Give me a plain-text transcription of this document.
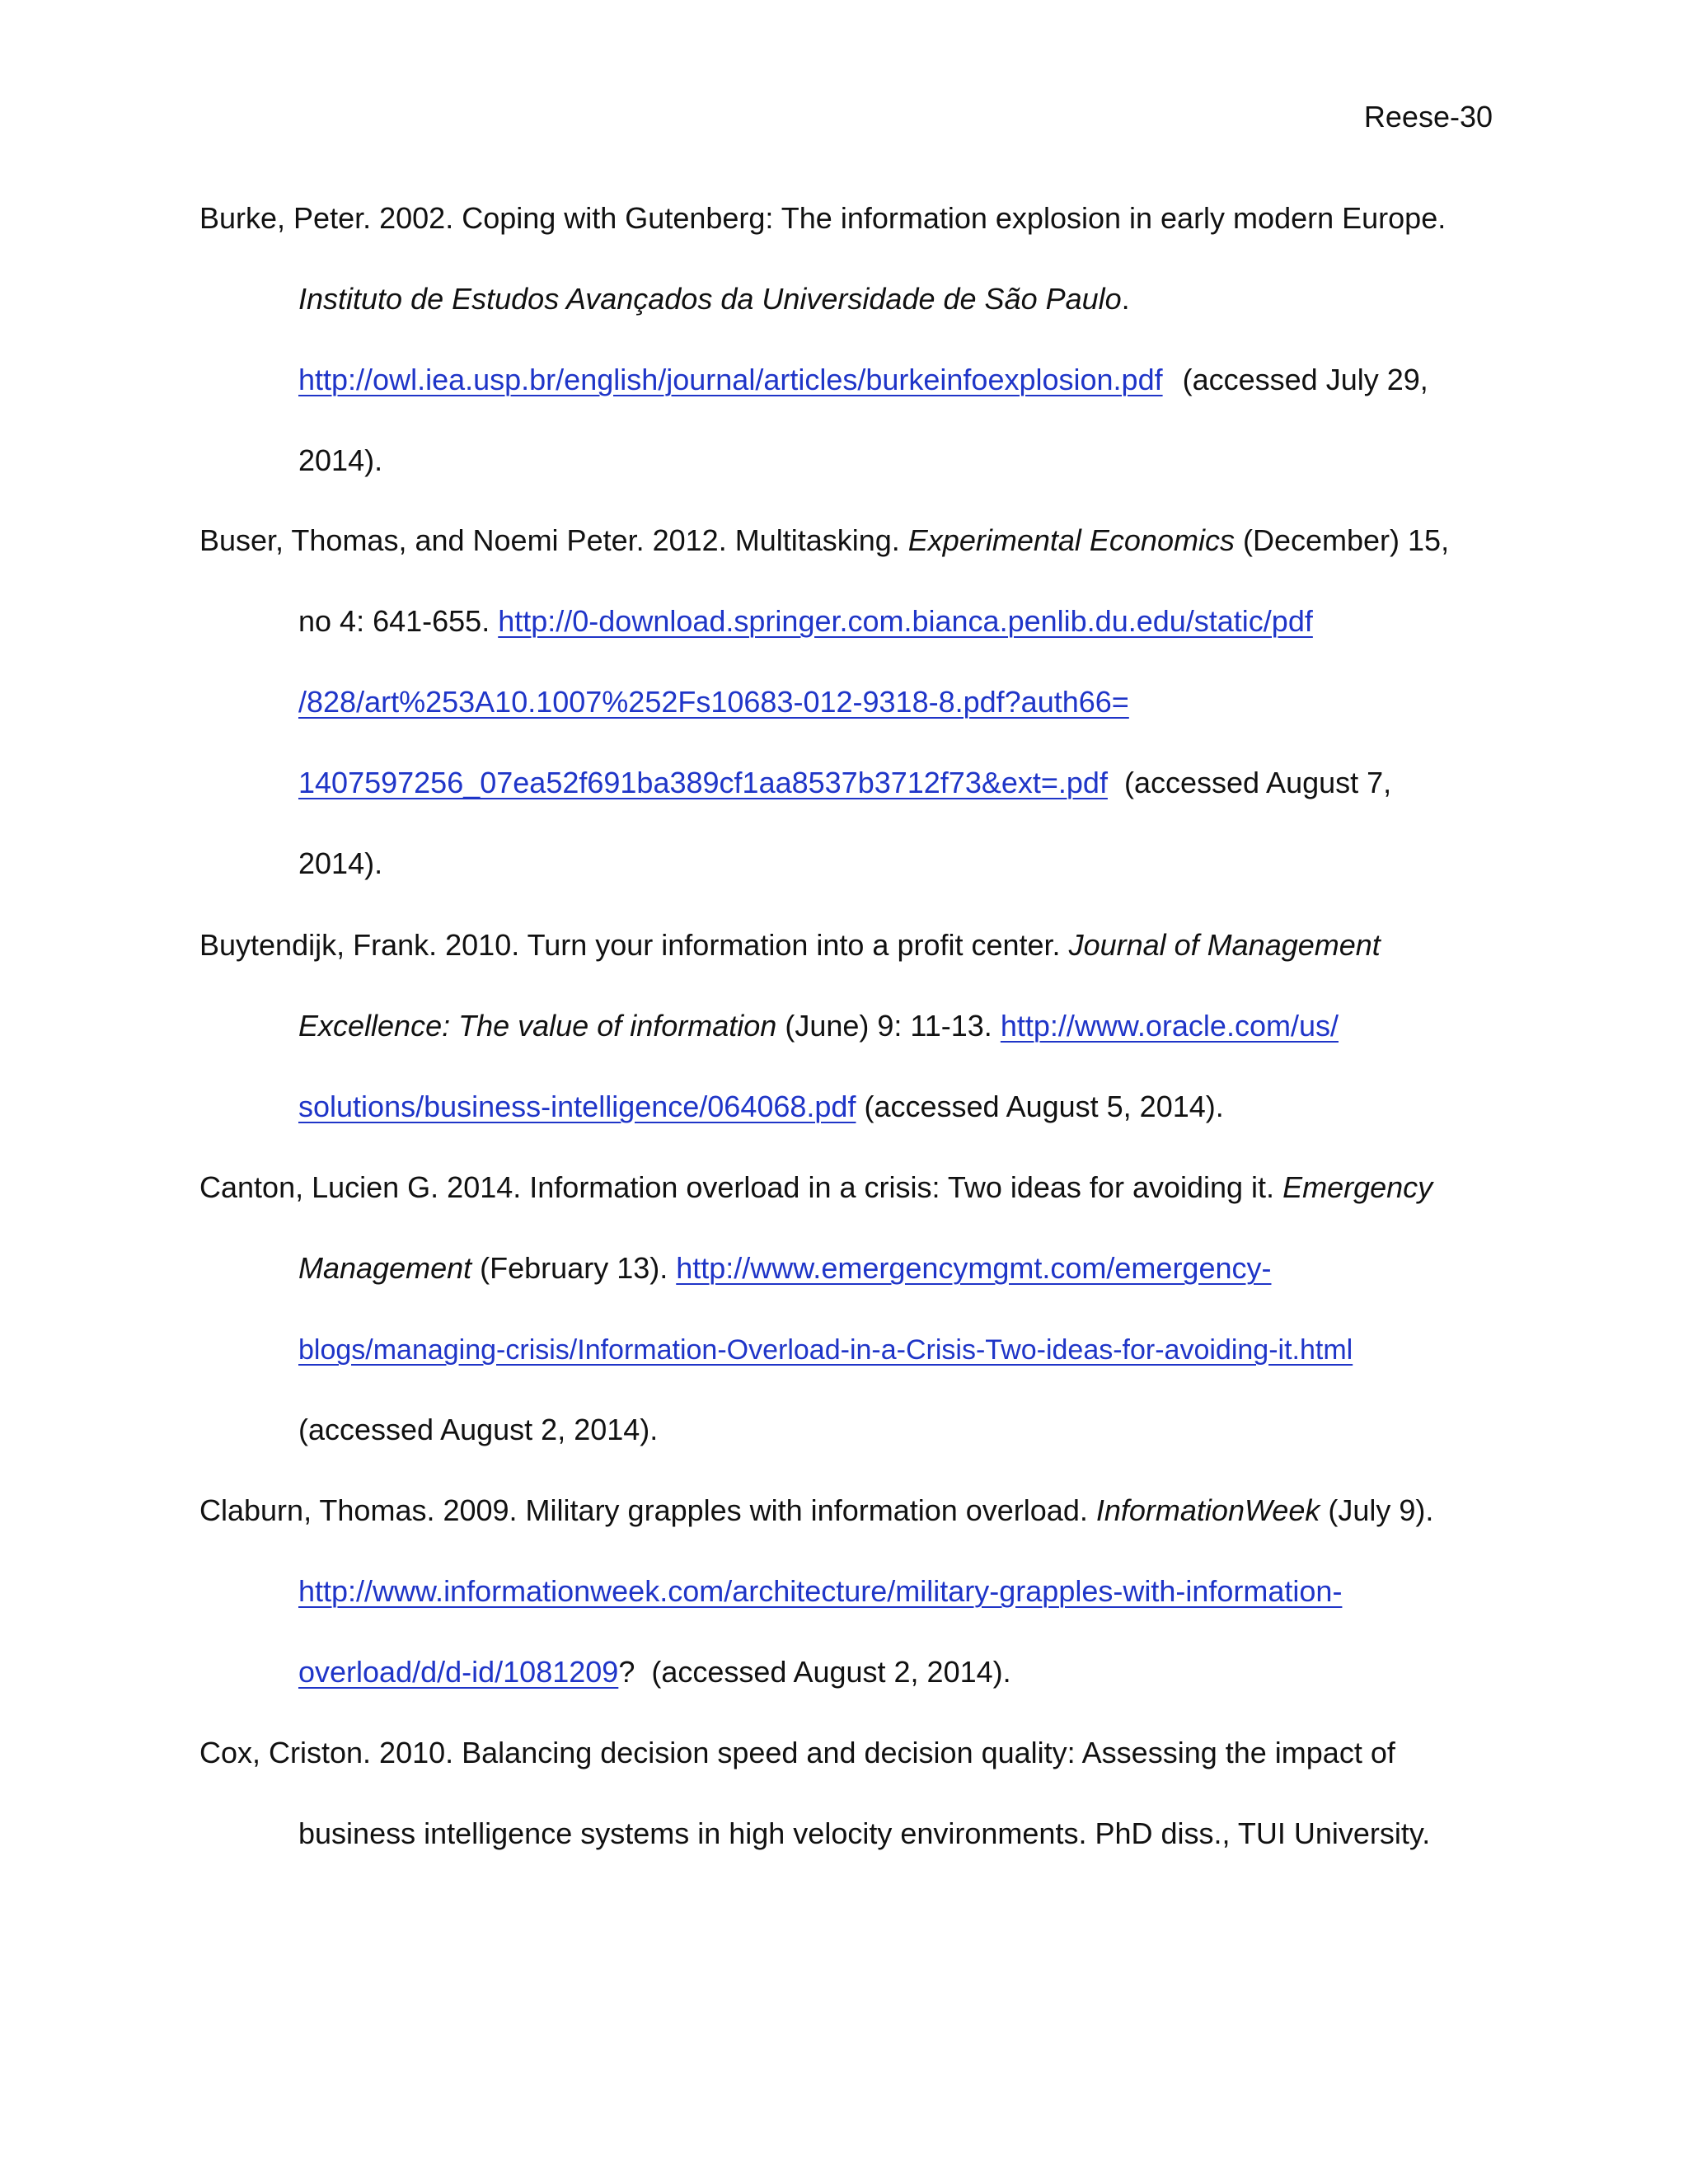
Reese-30
Burke, Peter. 2002. Coping with Gutenberg: The information explosion in early modern Europe.
Instituto de Estudos Avançados da Universidade de São Paulo.
http://owl.iea.usp.br/english/journal/articles/burkeinfoexplosion.pdf (accessed July 29,
2014).
Buser, Thomas, and Noemi Peter. 2012. Multitasking. Experimental Economics (December) 15,
no 4: 641-655. http://0-download.springer.com.bianca.penlib.du.edu/static/pdf
/828/art%253A10.1007%252Fs10683-012-9318-8.pdf?auth66=
1407597256_07ea52f691ba389cf1aa8537b3712f73&ext=.pdf (accessed August 7,
2014).
Buytendijk, Frank. 2010. Turn your information into a profit center. Journal of Management
Excellence: The value of information (June) 9: 11-13. http://www.oracle.com/us/
solutions/business-intelligence/064068.pdf (accessed August 5, 2014).
Canton, Lucien G. 2014. Information overload in a crisis: Two ideas for avoiding it. Emergency
Management (February 13). http://www.emergencymgmt.com/emergency-
blogs/managing-crisis/Information-Overload-in-a-Crisis-Two-ideas-for-avoiding-it.html
(accessed August 2, 2014).
Claburn, Thomas. 2009. Military grapples with information overload. InformationWeek (July 9).
http://www.informationweek.com/architecture/military-grapples-with-information-
overload/d/d-id/1081209? (accessed August 2, 2014).
Cox, Criston. 2010. Balancing decision speed and decision quality: Assessing the impact of
business intelligence systems in high velocity environments. PhD diss., TUI University.
